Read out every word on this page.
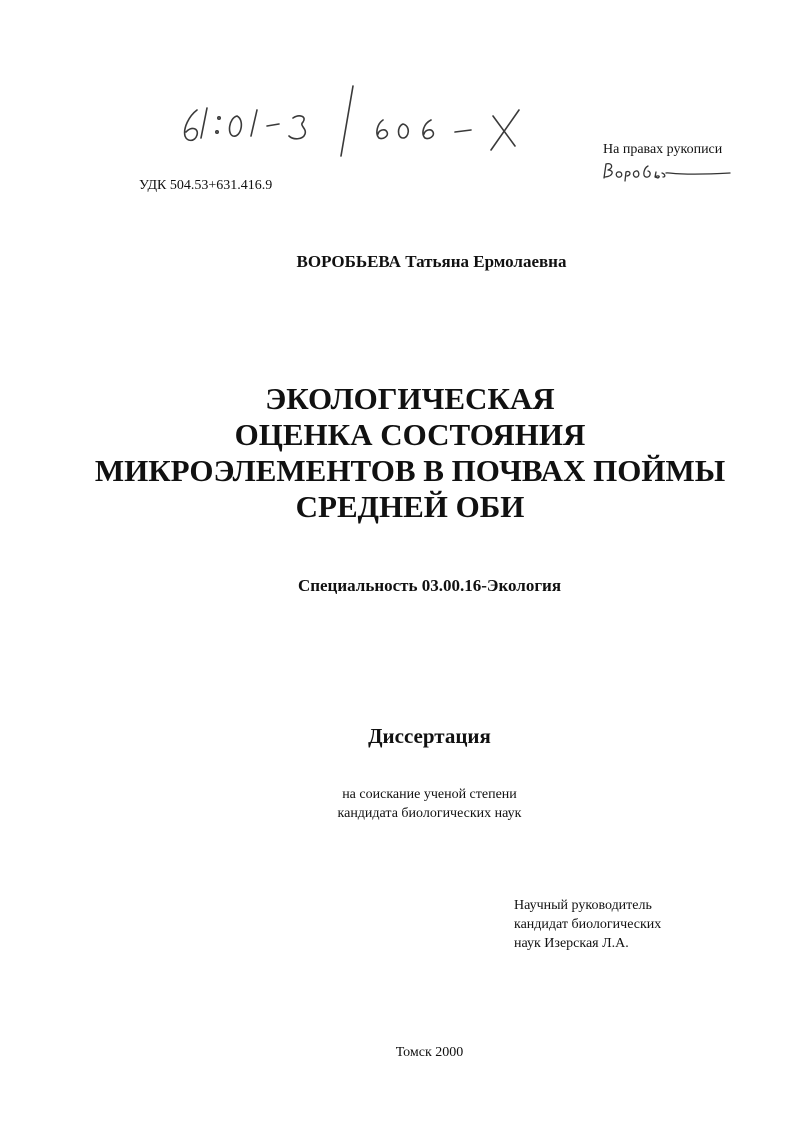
На правах рукописи
УДК 504.53+631.416.9
ВОРОБЬЕВА Татьяна Ермолаевна
ЭКОЛОГИЧЕСКАЯ
ОЦЕНКА СОСТОЯНИЯ
МИКРОЭЛЕМЕНТОВ В ПОЧВАХ ПОЙМЫ
СРЕДНЕЙ ОБИ
Специальность 03.00.16-Экология
Диссертация
на соискание ученой степени
кандидата биологических наук
Научный руководитель
кандидат биологических
наук Изерская Л.А.
Томск 2000
